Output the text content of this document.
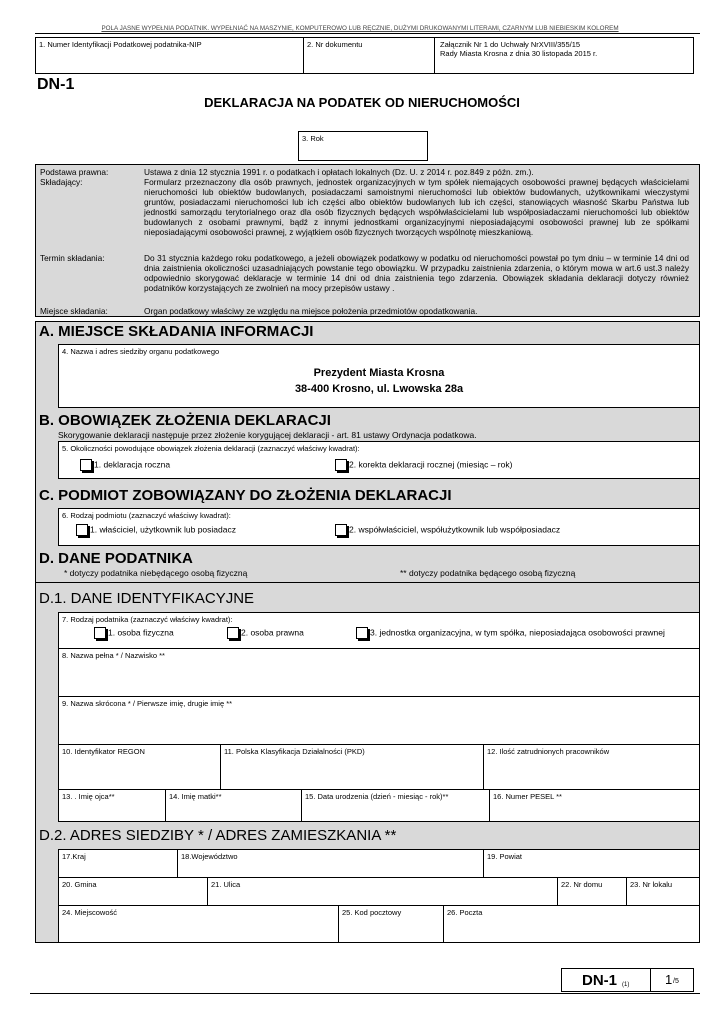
POLA JASNE WYPEŁNIA PODATNIK. WYPEŁNIAĆ NA MASZYNIE, KOMPUTEROWO LUB RĘCZNIE, DUŻYMI DRUKOWANYMI LITERAMI, CZARNYM LUB NIEBIESKIM KOLOREM
1. Numer Identyfikacji Podatkowej podatnika-NIP	2. Nr dokumentu	Załącznik Nr 1 do Uchwały NrXVIII/355/15
Rady Miasta Krosna z dnia 30 listopada 2015 r.
DN-1
DEKLARACJA NA PODATEK OD NIERUCHOMOŚCI
3. Rok
Podstawa prawna:	Ustawa z dnia 12 stycznia 1991 r. o podatkach i opłatach lokalnych (Dz. U. z 2014 r. poz.849 z późn. zm.).
Składający:	Formularz przeznaczony dla osób prawnych, jednostek organizacyjnych w tym spółek niemających osobowości prawnej będących właścicielami nieruchomości lub obiektów budowlanych, posiadaczami samoistnymi nieruchomości lub obiektów budowlanych, użytkownikami wieczystymi gruntów, posiadaczami nieruchomości lub ich części albo obiektów budowlanych lub ich części, stanowiących własność Skarbu Państwa lub jednostki samorządu terytorialnego oraz dla osób fizycznych będących współwłaścicielami lub współposiadaczami nieruchomości lub obiektów budowlanych z osobami prawnymi, bądź z innymi jednostkami organizacyjnymi nieposiadającymi osobowości prawnej lub ze spółkami nieposiadającymi osobowości prawnej, z wyjątkiem osób fizycznych tworzących wspólnotę mieszkaniową.
Termin składania:	Do 31 stycznia każdego roku podatkowego, a jeżeli obowiązek podatkowy w podatku od nieruchomości powstał po tym dniu – w terminie 14 dni od dnia zaistnienia okoliczności uzasadniających powstanie tego obowiązku. W przypadku zaistnienia zdarzenia, o którym mowa w art.6 ust.3 należy odpowiednio skorygować deklaracje w terminie 14 dni od dnia zaistnienia tego zdarzenia. Obowiązek składania deklaracji dotyczy również podatników korzystających ze zwolnień na mocy przepisów ustawy .
Miejsce składania:	Organ podatkowy właściwy ze względu na miejsce położenia przedmiotów opodatkowania.
A. MIEJSCE SKŁADANIA INFORMACJI
4. Nazwa i adres siedziby organu podatkowego
Prezydent Miasta Krosna
38-400 Krosno, ul. Lwowska 28a
B. OBOWIĄZEK ZŁOŻENIA DEKLARACJI
Skorygowanie deklaracji następuje przez złożenie korygującej deklaracji - art. 81 ustawy Ordynacja podatkowa.
5. Okoliczności powodujące obowiązek złożenia deklaracji (zaznaczyć właściwy kwadrat):
1. deklaracja roczna	2. korekta deklaracji rocznej (miesiąc – rok)
C. PODMIOT ZOBOWIĄZANY DO ZŁOŻENIA DEKLARACJI
6. Rodzaj podmiotu (zaznaczyć właściwy kwadrat):
1. właściciel, użytkownik lub posiadacz	2. współwłaściciel, współużytkownik lub współposiadacz
D. DANE PODATNIKA
* dotyczy podatnika niebędącego osobą fizyczną	** dotyczy podatnika będącego osobą fizyczną
D.1. DANE IDENTYFIKACYJNE
7. Rodzaj podatnika (zaznaczyć właściwy kwadrat):
1. osoba fizyczna	2. osoba prawna	3. jednostka organizacyjna, w tym spółka, nieposiadająca osobowości prawnej
8. Nazwa pełna * / Nazwisko **
9. Nazwa skrócona * / Pierwsze imię, drugie imię **
10. Identyfikator REGON	11. Polska Klasyfikacja Działalności (PKD)	12. Ilość zatrudnionych pracowników
13. . Imię ojca**	14. Imię matki**	15. Data urodzenia (dzień - miesiąc - rok)**	16. Numer PESEL **
D.2. ADRES SIEDZIBY * / ADRES ZAMIESZKANIA **
17.Kraj	18.Województwo	19. Powiat
20. Gmina	21. Ulica	22. Nr domu	23. Nr lokalu
24. Miejscowość	25. Kod pocztowy	26. Poczta
DN-1 (1)	1 /5
